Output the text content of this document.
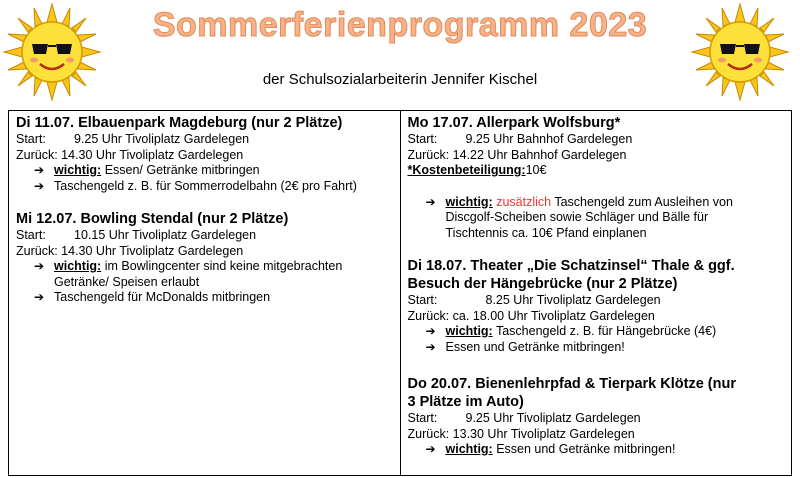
Sommerferienprogramm 2023
der Schulsozialarbeiterin Jennifer Kischel
Di 11.07. Elbauenpark Magdeburg (nur 2 Plätze)
Start:	9.25 Uhr Tivoliplatz Gardelegen
Zurück:
14.30 Uhr Tivoliplatz Gardelegen
➔ wichtig: Essen/ Getränke mitbringen
➔ Taschengeld z. B. für Sommerrodelbahn (2€ pro Fahrt)
Mi 12.07. Bowling Stendal (nur 2 Plätze)
Start:	10.15 Uhr Tivoliplatz Gardelegen
Zurück:
14.30 Uhr Tivoliplatz Gardelegen
➔ wichtig: im Bowlingcenter sind keine mitgebrachten
Getränke/ Speisen erlaubt
➔ Taschengeld für McDonalds mitbringen

Mo 17.07. Allerpark Wolfsburg*
Start:	9.25 Uhr Bahnhof Gardelegen
Zurück:
14.22 Uhr Bahnhof Gardelegen
*Kostenbeteiligung: 10€
➔ wichtig: zusätzlich Taschengeld zum Ausleihen von
Discgolf-Scheiben sowie Schläger und Bälle für
Tischtennis ca. 10€ Pfand einplanen
Di 18.07. Theater „Die Schatzinsel“ Thale & ggf.
Besuch der Hängebrücke (nur 2 Plätze)
Start:	8.25 Uhr Tivoliplatz Gardelegen
Zurück:
ca. 18.00 Uhr Tivoliplatz Gardelegen
➔ wichtig: Taschengeld z. B. für Hängebrücke (4€)
➔ Essen und Getränke mitbringen!
Do 20.07. Bienenlehrpfad & Tierpark Klötze (nur
3 Plätze im Auto)
Start:	9.25 Uhr Tivoliplatz Gardelegen
Zurück:
13.30 Uhr Tivoliplatz Gardelegen
➔ wichtig: Essen und Getränke mitbringen!
